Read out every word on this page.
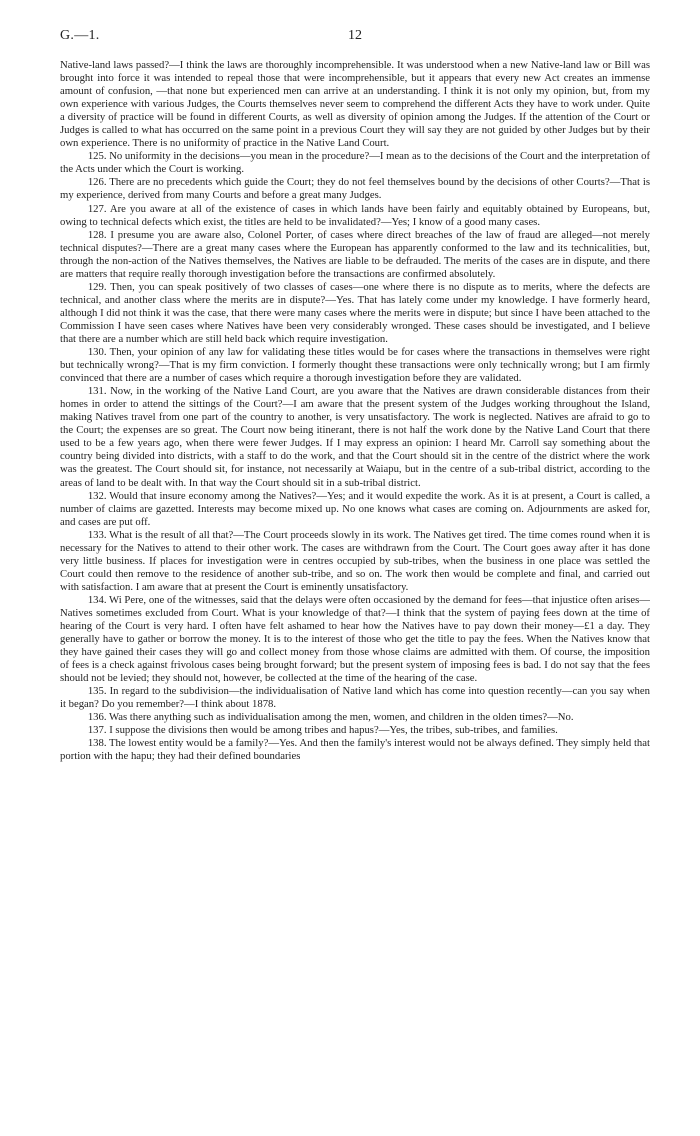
G.—1.	12

Native-land laws passed?—I think the laws are thoroughly incomprehensible. It was understood when a new Native-land law or Bill was brought into force it was intended to repeal those that were incomprehensible, but it appears that every new Act creates an immense amount of confusion, —that none but experienced men can arrive at an understanding. I think it is not only my opinion, but, from my own experience with various Judges, the Courts themselves never seem to comprehend the different Acts they have to work under. Quite a diversity of practice will be found in different Courts, as well as diversity of opinion among the Judges. If the attention of the Court or Judges is called to what has occurred on the same point in a previous Court they will say they are not guided by other Judges but by their own experience. There is no uniformity of practice in the Native Land Court.

125. No uniformity in the decisions—you mean in the procedure?—I mean as to the decisions of the Court and the interpretation of the Acts under which the Court is working.

126. There are no precedents which guide the Court; they do not feel themselves bound by the decisions of other Courts?—That is my experience, derived from many Courts and before a great many Judges.

127. Are you aware at all of the existence of cases in which lands have been fairly and equitably obtained by Europeans, but, owing to technical defects which exist, the titles are held to be invalidated?—Yes; I know of a good many cases.

128. I presume you are aware also, Colonel Porter, of cases where direct breaches of the law of fraud are alleged—not merely technical disputes?—There are a great many cases where the European has apparently conformed to the law and its technicalities, but, through the non-action of the Natives themselves, the Natives are liable to be defrauded. The merits of the cases are in dispute, and there are matters that require really thorough investigation before the transactions are confirmed absolutely.

129. Then, you can speak positively of two classes of cases—one where there is no dispute as to merits, where the defects are technical, and another class where the merits are in dispute?—Yes. That has lately come under my knowledge. I have formerly heard, although I did not think it was the case, that there were many cases where the merits were in dispute; but since I have been attached to the Commission I have seen cases where Natives have been very considerably wronged. These cases should be investigated, and I believe that there are a number which are still held back which require investigation.

130. Then, your opinion of any law for validating these titles would be for cases where the transactions in themselves were right but technically wrong?—That is my firm conviction. I formerly thought these transactions were only technically wrong; but I am firmly convinced that there are a number of cases which require a thorough investigation before they are validated.

131. Now, in the working of the Native Land Court, are you aware that the Natives are drawn considerable distances from their homes in order to attend the sittings of the Court?—I am aware that the present system of the Judges working throughout the Island, making Natives travel from one part of the country to another, is very unsatisfactory. The work is neglected. Natives are afraid to go to the Court; the expenses are so great. The Court now being itinerant, there is not half the work done by the Native Land Court that there used to be a few years ago, when there were fewer Judges. If I may express an opinion: I heard Mr. Carroll say something about the country being divided into districts, with a staff to do the work, and that the Court should sit in the centre of the district where the work was the greatest. The Court should sit, for instance, not necessarily at Waiapu, but in the centre of a sub-tribal district, according to the areas of land to be dealt with. In that way the Court should sit in a sub-tribal district.

132. Would that insure economy among the Natives?—Yes; and it would expedite the work. As it is at present, a Court is called, a number of claims are gazetted. Interests may become mixed up. No one knows what cases are coming on. Adjournments are asked for, and cases are put off.

133. What is the result of all that?—The Court proceeds slowly in its work. The Natives get tired. The time comes round when it is necessary for the Natives to attend to their other work. The cases are withdrawn from the Court. The Court goes away after it has done very little business. If places for investigation were in centres occupied by sub-tribes, when the business in one place was settled the Court could then remove to the residence of another sub-tribe, and so on. The work then would be complete and final, and carried out with satisfaction. I am aware that at present the Court is eminently unsatisfactory.

134. Wi Pere, one of the witnesses, said that the delays were often occasioned by the demand for fees—that injustice often arises—Natives sometimes excluded from Court. What is your knowledge of that?—I think that the system of paying fees down at the time of hearing of the Court is very hard. I often have felt ashamed to hear how the Natives have to pay down their money—£1 a day. They generally have to gather or borrow the money. It is to the interest of those who get the title to pay the fees. When the Natives know that they have gained their cases they will go and collect money from those whose claims are admitted with them. Of course, the imposition of fees is a check against frivolous cases being brought forward; but the present system of imposing fees is bad. I do not say that the fees should not be levied; they should not, however, be collected at the time of the hearing of the case.

135. In regard to the subdivision—the individualisation of Native land which has come into question recently—can you say when it began? Do you remember?—I think about 1878.

136. Was there anything such as individualisation among the men, women, and children in the olden times?—No.

137. I suppose the divisions then would be among tribes and hapus?—Yes, the tribes, sub-tribes, and families.

138. The lowest entity would be a family?—Yes. And then the family's interest would not be always defined. They simply held that portion with the hapu; they had their defined boundaries
